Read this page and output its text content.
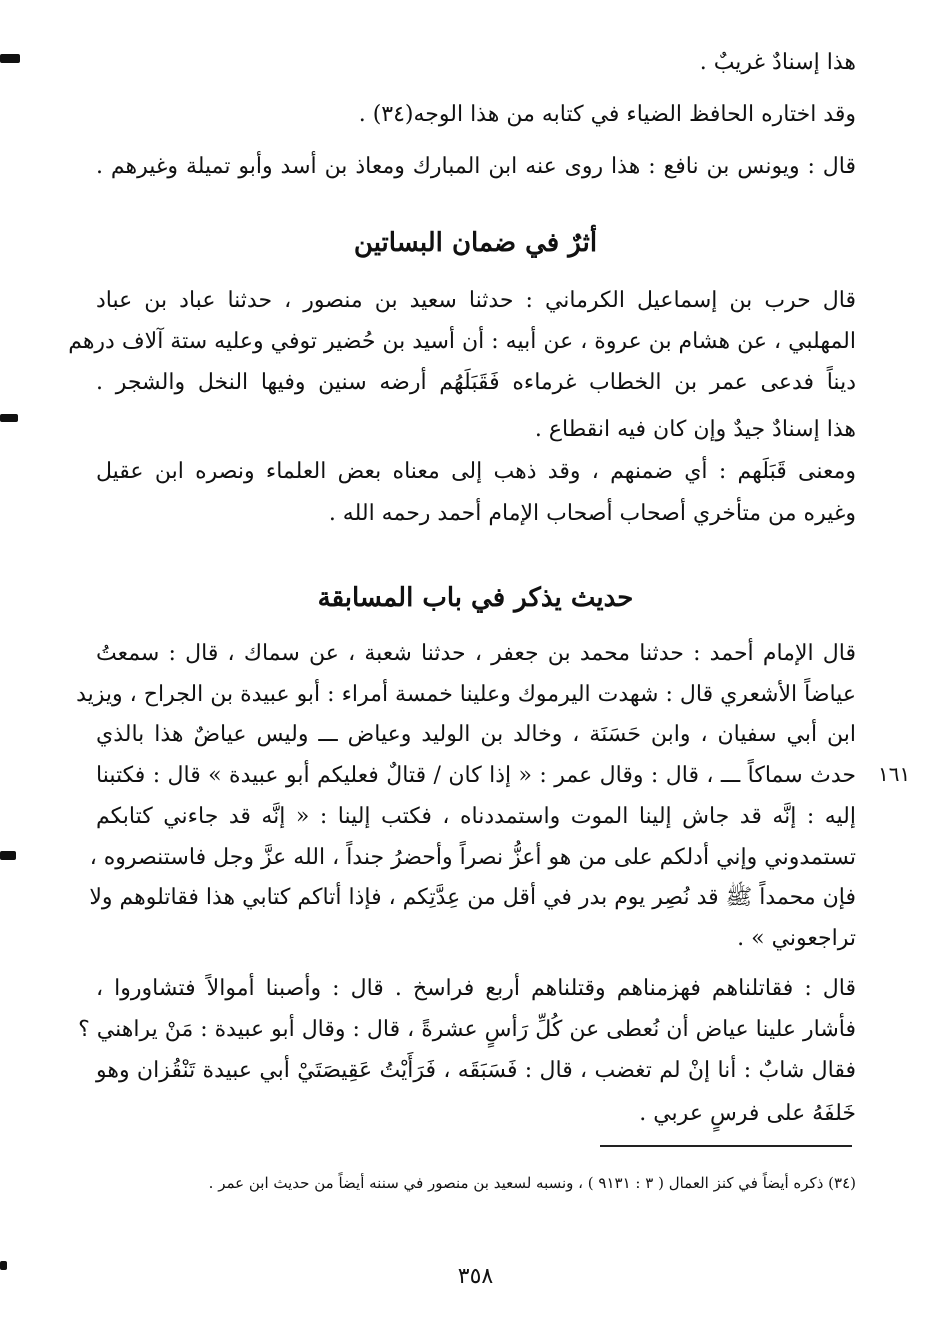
هذا إسنادٌ غريبٌ .
وقد اختاره الحافظ الضياء في كتابه من هذا الوجه(٣٤) .
قال : ويونس بن نافع : هذا روى عنه ابن المبارك ومعاذ بن أسد وأبو تميلة وغيرهم .
أثرٌ في ضمان البساتين
قال حرب بن إسماعيل الكرماني : حدثنا سعيد بن منصور ، حدثنا عباد بن عباد
المهلبي ، عن هشام بن عروة ، عن أبيه : أن أسيد بن حُضير توفي وعليه ستة آلاف درهم
ديناً فدعى عمر بن الخطاب غرماءه فَقَبَلَهُم أرضه سنين وفيها النخل والشجر .
هذا إسنادٌ جيدٌ وإن كان فيه انقطاع .
ومعنى قَبَلَهم : أي ضمنهم ، وقد ذهب إلى معناه بعض العلماء ونصره ابن عقيل
وغيره من متأخري أصحاب أصحاب الإمام أحمد رحمه الله .
حديث يذكر في باب المسابقة
قال الإمام أحمد : حدثنا محمد بن جعفر ، حدثنا شعبة ، عن سماك ، قال : سمعتُ
عياضاً الأشعري قال : شهدت اليرموك وعلينا خمسة أمراء : أبو عبيدة بن الجراح ، ويزيد
ابن أبي سفيان ، وابن حَسَنَة ، وخالد بن الوليد وعياض ـــ وليس عياضٌ هذا بالذي
حدث سماكاً ـــ ، قال : وقال عمر : « إذا كان / قتالٌ فعليكم أبو عبيدة » قال : فكتبنا ١٦١
إليه : إنَّه قد جاش إلينا الموت واستمددناه ، فكتب إلينا : « إنَّه قد جاءني كتابكم
تستمدوني وإني أدلكم على من هو أعزُّ نصراً وأحضرُ جنداً ، الله عزَّ وجل فاستنصروه ،
فإن محمداً ﷺ قد نُصِر يوم بدر في أقل من عِدَّتِكم ، فإذا أتاكم كتابي هذا فقاتلوهم ولا
تراجعوني » .
قال : فقاتلناهم فهزمناهم وقتلناهم أربع فراسخ . قال : وأصبنا أموالاً فتشاوروا ،
فأشار علينا عياض أن نُعطى عن كُلِّ رَأسٍ عشرةً ، قال : وقال أبو عبيدة : مَنْ يراهني ؟
فقال شابٌ : أنا إنْ لم تغضب ، قال : فَسَبَقَه ، فَرَأَيْتُ عَقِيصَتَيْ أبي عبيدة تَنْقُزان وهو
خَلفَهُ على فرسٍ عربي .
(٣٤) ذكره أيضاً في كنز العمال ( ٣ : ٩١٣١ ) ، ونسبه لسعيد بن منصور في سننه أيضاً من حديث ابن عمر .
٣٥٨
